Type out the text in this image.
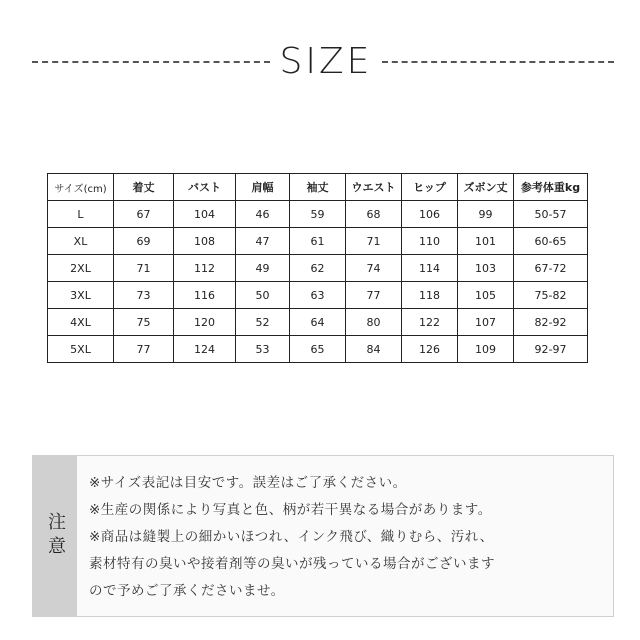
SIZE
サイズ(cm)	着丈	バスト	肩幅	袖丈	ウエスト	ヒップ	ズボン丈	参考体重kg
L	67	104	46	59	68	106	99	50-57
XL	69	108	47	61	71	110	101	60-65
2XL	71	112	49	62	74	114	103	67-72
3XL	73	116	50	63	77	118	105	75-82
4XL	75	120	52	64	80	122	107	82-92
5XL	77	124	53	65	84	126	109	92-97
注意
※サイズ表記は目安です。誤差はご了承ください。
※生産の関係により写真と色、柄が若干異なる場合があります。
※商品は縫製上の細かいほつれ、インク飛び、織りむら、汚れ、
素材特有の臭いや接着剤等の臭いが残っている場合がございます
ので予めご了承くださいませ。
